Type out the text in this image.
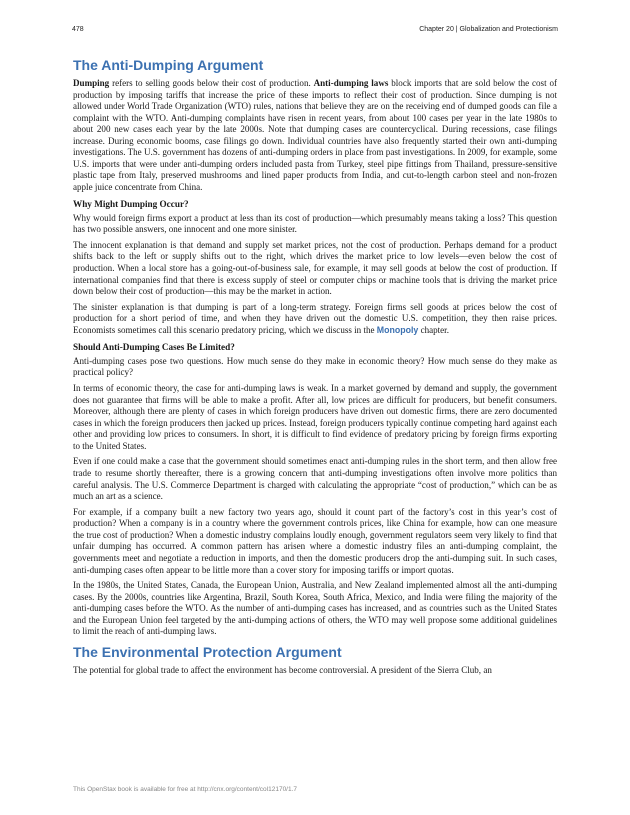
478	Chapter 20 | Globalization and Protectionism
The Anti-Dumping Argument

Dumping refers to selling goods below their cost of production. Anti-dumping laws block imports that are sold below the cost of production by imposing tariffs that increase the price of these imports to reflect their cost of production. Since dumping is not allowed under World Trade Organization (WTO) rules, nations that believe they are on the receiving end of dumped goods can file a complaint with the WTO. Anti-dumping complaints have risen in recent years, from about 100 cases per year in the late 1980s to about 200 new cases each year by the late 2000s. Note that dumping cases are countercyclical. During recessions, case filings increase. During economic booms, case filings go down. Individual countries have also frequently started their own anti-dumping investigations. The U.S. government has dozens of anti-dumping orders in place from past investigations. In 2009, for example, some U.S. imports that were under anti-dumping orders included pasta from Turkey, steel pipe fittings from Thailand, pressure-sensitive plastic tape from Italy, preserved mushrooms and lined paper products from India, and cut-to-length carbon steel and non-frozen apple juice concentrate from China.

Why Might Dumping Occur?

Why would foreign firms export a product at less than its cost of production—which presumably means taking a loss? This question has two possible answers, one innocent and one more sinister.

The innocent explanation is that demand and supply set market prices, not the cost of production. Perhaps demand for a product shifts back to the left or supply shifts out to the right, which drives the market price to low levels—even below the cost of production. When a local store has a going-out-of-business sale, for example, it may sell goods at below the cost of production. If international companies find that there is excess supply of steel or computer chips or machine tools that is driving the market price down below their cost of production—this may be the market in action.

The sinister explanation is that dumping is part of a long-term strategy. Foreign firms sell goods at prices below the cost of production for a short period of time, and when they have driven out the domestic U.S. competition, they then raise prices. Economists sometimes call this scenario predatory pricing, which we discuss in the Monopoly chapter.

Should Anti-Dumping Cases Be Limited?

Anti-dumping cases pose two questions. How much sense do they make in economic theory? How much sense do they make as practical policy?

In terms of economic theory, the case for anti-dumping laws is weak. In a market governed by demand and supply, the government does not guarantee that firms will be able to make a profit. After all, low prices are difficult for producers, but benefit consumers. Moreover, although there are plenty of cases in which foreign producers have driven out domestic firms, there are zero documented cases in which the foreign producers then jacked up prices. Instead, foreign producers typically continue competing hard against each other and providing low prices to consumers. In short, it is difficult to find evidence of predatory pricing by foreign firms exporting to the United States.

Even if one could make a case that the government should sometimes enact anti-dumping rules in the short term, and then allow free trade to resume shortly thereafter, there is a growing concern that anti-dumping investigations often involve more politics than careful analysis. The U.S. Commerce Department is charged with calculating the appropriate “cost of production,” which can be as much an art as a science.

For example, if a company built a new factory two years ago, should it count part of the factory’s cost in this year’s cost of production? When a company is in a country where the government controls prices, like China for example, how can one measure the true cost of production? When a domestic industry complains loudly enough, government regulators seem very likely to find that unfair dumping has occurred. A common pattern has arisen where a domestic industry files an anti-dumping complaint, the governments meet and negotiate a reduction in imports, and then the domestic producers drop the anti-dumping suit. In such cases, anti-dumping cases often appear to be little more than a cover story for imposing tariffs or import quotas.

In the 1980s, the United States, Canada, the European Union, Australia, and New Zealand implemented almost all the anti-dumping cases. By the 2000s, countries like Argentina, Brazil, South Korea, South Africa, Mexico, and India were filing the majority of the anti-dumping cases before the WTO. As the number of anti-dumping cases has increased, and as countries such as the United States and the European Union feel targeted by the anti-dumping actions of others, the WTO may well propose some additional guidelines to limit the reach of anti-dumping laws.

The Environmental Protection Argument

The potential for global trade to affect the environment has become controversial. A president of the Sierra Club, an

This OpenStax book is available for free at http://cnx.org/content/col12170/1.7
